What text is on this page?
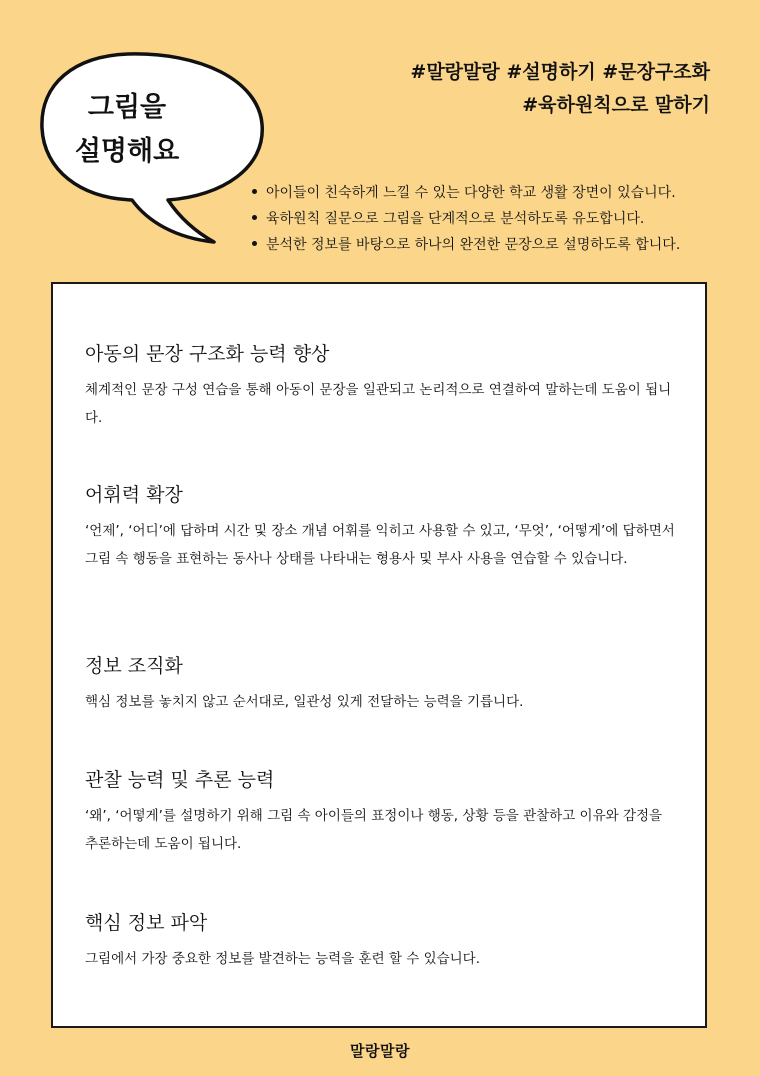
그림을
설명해요
#말랑말랑 #설명하기 #문장구조화
#육하원칙으로 말하기
아이들이 친숙하게 느낄 수 있는 다양한 학교 생활 장면이 있습니다.
육하원칙 질문으로 그림을 단계적으로 분석하도록 유도합니다.
분석한 정보를 바탕으로 하나의 완전한 문장으로 설명하도록 합니다.
아동의 문장 구조화 능력 향상

체계적인 문장 구성 연습을 통해 아동이 문장을 일관되고 논리적으로 연결하여 말하는데 도움이 됩니다.

어휘력 확장

‘언제’, ‘어디’에 답하며 시간 및 장소 개념 어휘를 익히고 사용할 수 있고, ‘무엇’, ‘어떻게’에 답하면서 그림 속 행동을 표현하는 동사나 상태를 나타내는 형용사 및 부사 사용을 연습할 수 있습니다.

정보 조직화

핵심 정보를 놓치지 않고 순서대로, 일관성 있게 전달하는 능력을 기릅니다.

관찰 능력 및 추론 능력

‘왜’, ‘어떻게’를 설명하기 위해 그림 속 아이들의 표정이나 행동, 상황 등을 관찰하고 이유와 감정을 추론하는데 도움이 됩니다.

핵심 정보 파악

그림에서 가장 중요한 정보를 발견하는 능력을 훈련 할 수 있습니다.

말랑말랑
